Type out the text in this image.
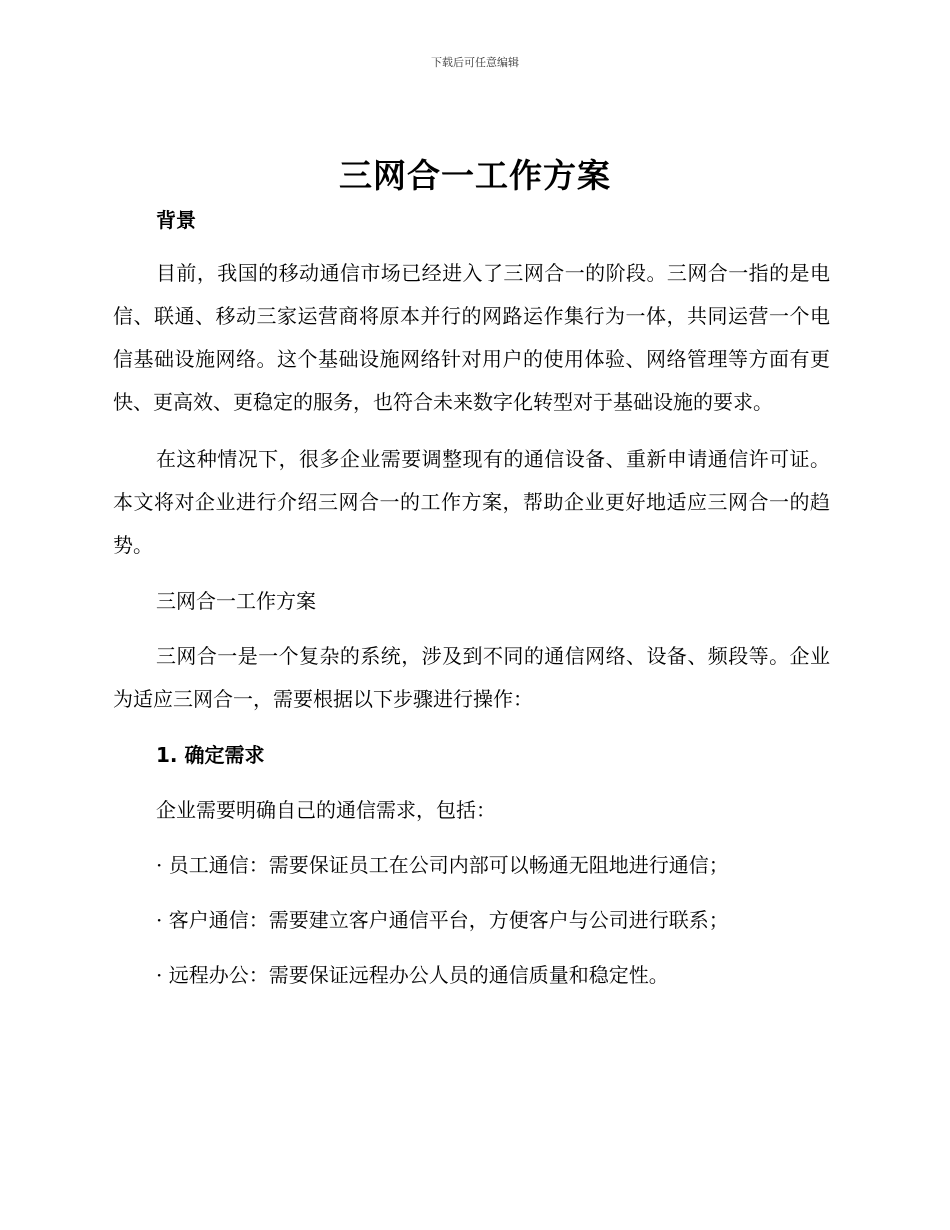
下载后可任意编辑
三网合一工作方案

背景

目前，我国的移动通信市场已经进入了三网合一的阶段。三网合一指的是电信、联通、移动三家运营商将原本并行的网路运作集行为一体，共同运营一个电信基础设施网络。这个基础设施网络针对用户的使用体验、网络管理等方面有更快、更高效、更稳定的服务，也符合未来数字化转型对于基础设施的要求。

在这种情况下，很多企业需要调整现有的通信设备、重新申请通信许可证。本文将对企业进行介绍三网合一的工作方案，帮助企业更好地适应三网合一的趋势。

三网合一工作方案

三网合一是一个复杂的系统，涉及到不同的通信网络、设备、频段等。企业为适应三网合一，需要根据以下步骤进行操作：

1. 确定需求

企业需要明确自己的通信需求，包括：

· 员工通信：需要保证员工在公司内部可以畅通无阻地进行通信；

· 客户通信：需要建立客户通信平台，方便客户与公司进行联系；

· 远程办公：需要保证远程办公人员的通信质量和稳定性。
